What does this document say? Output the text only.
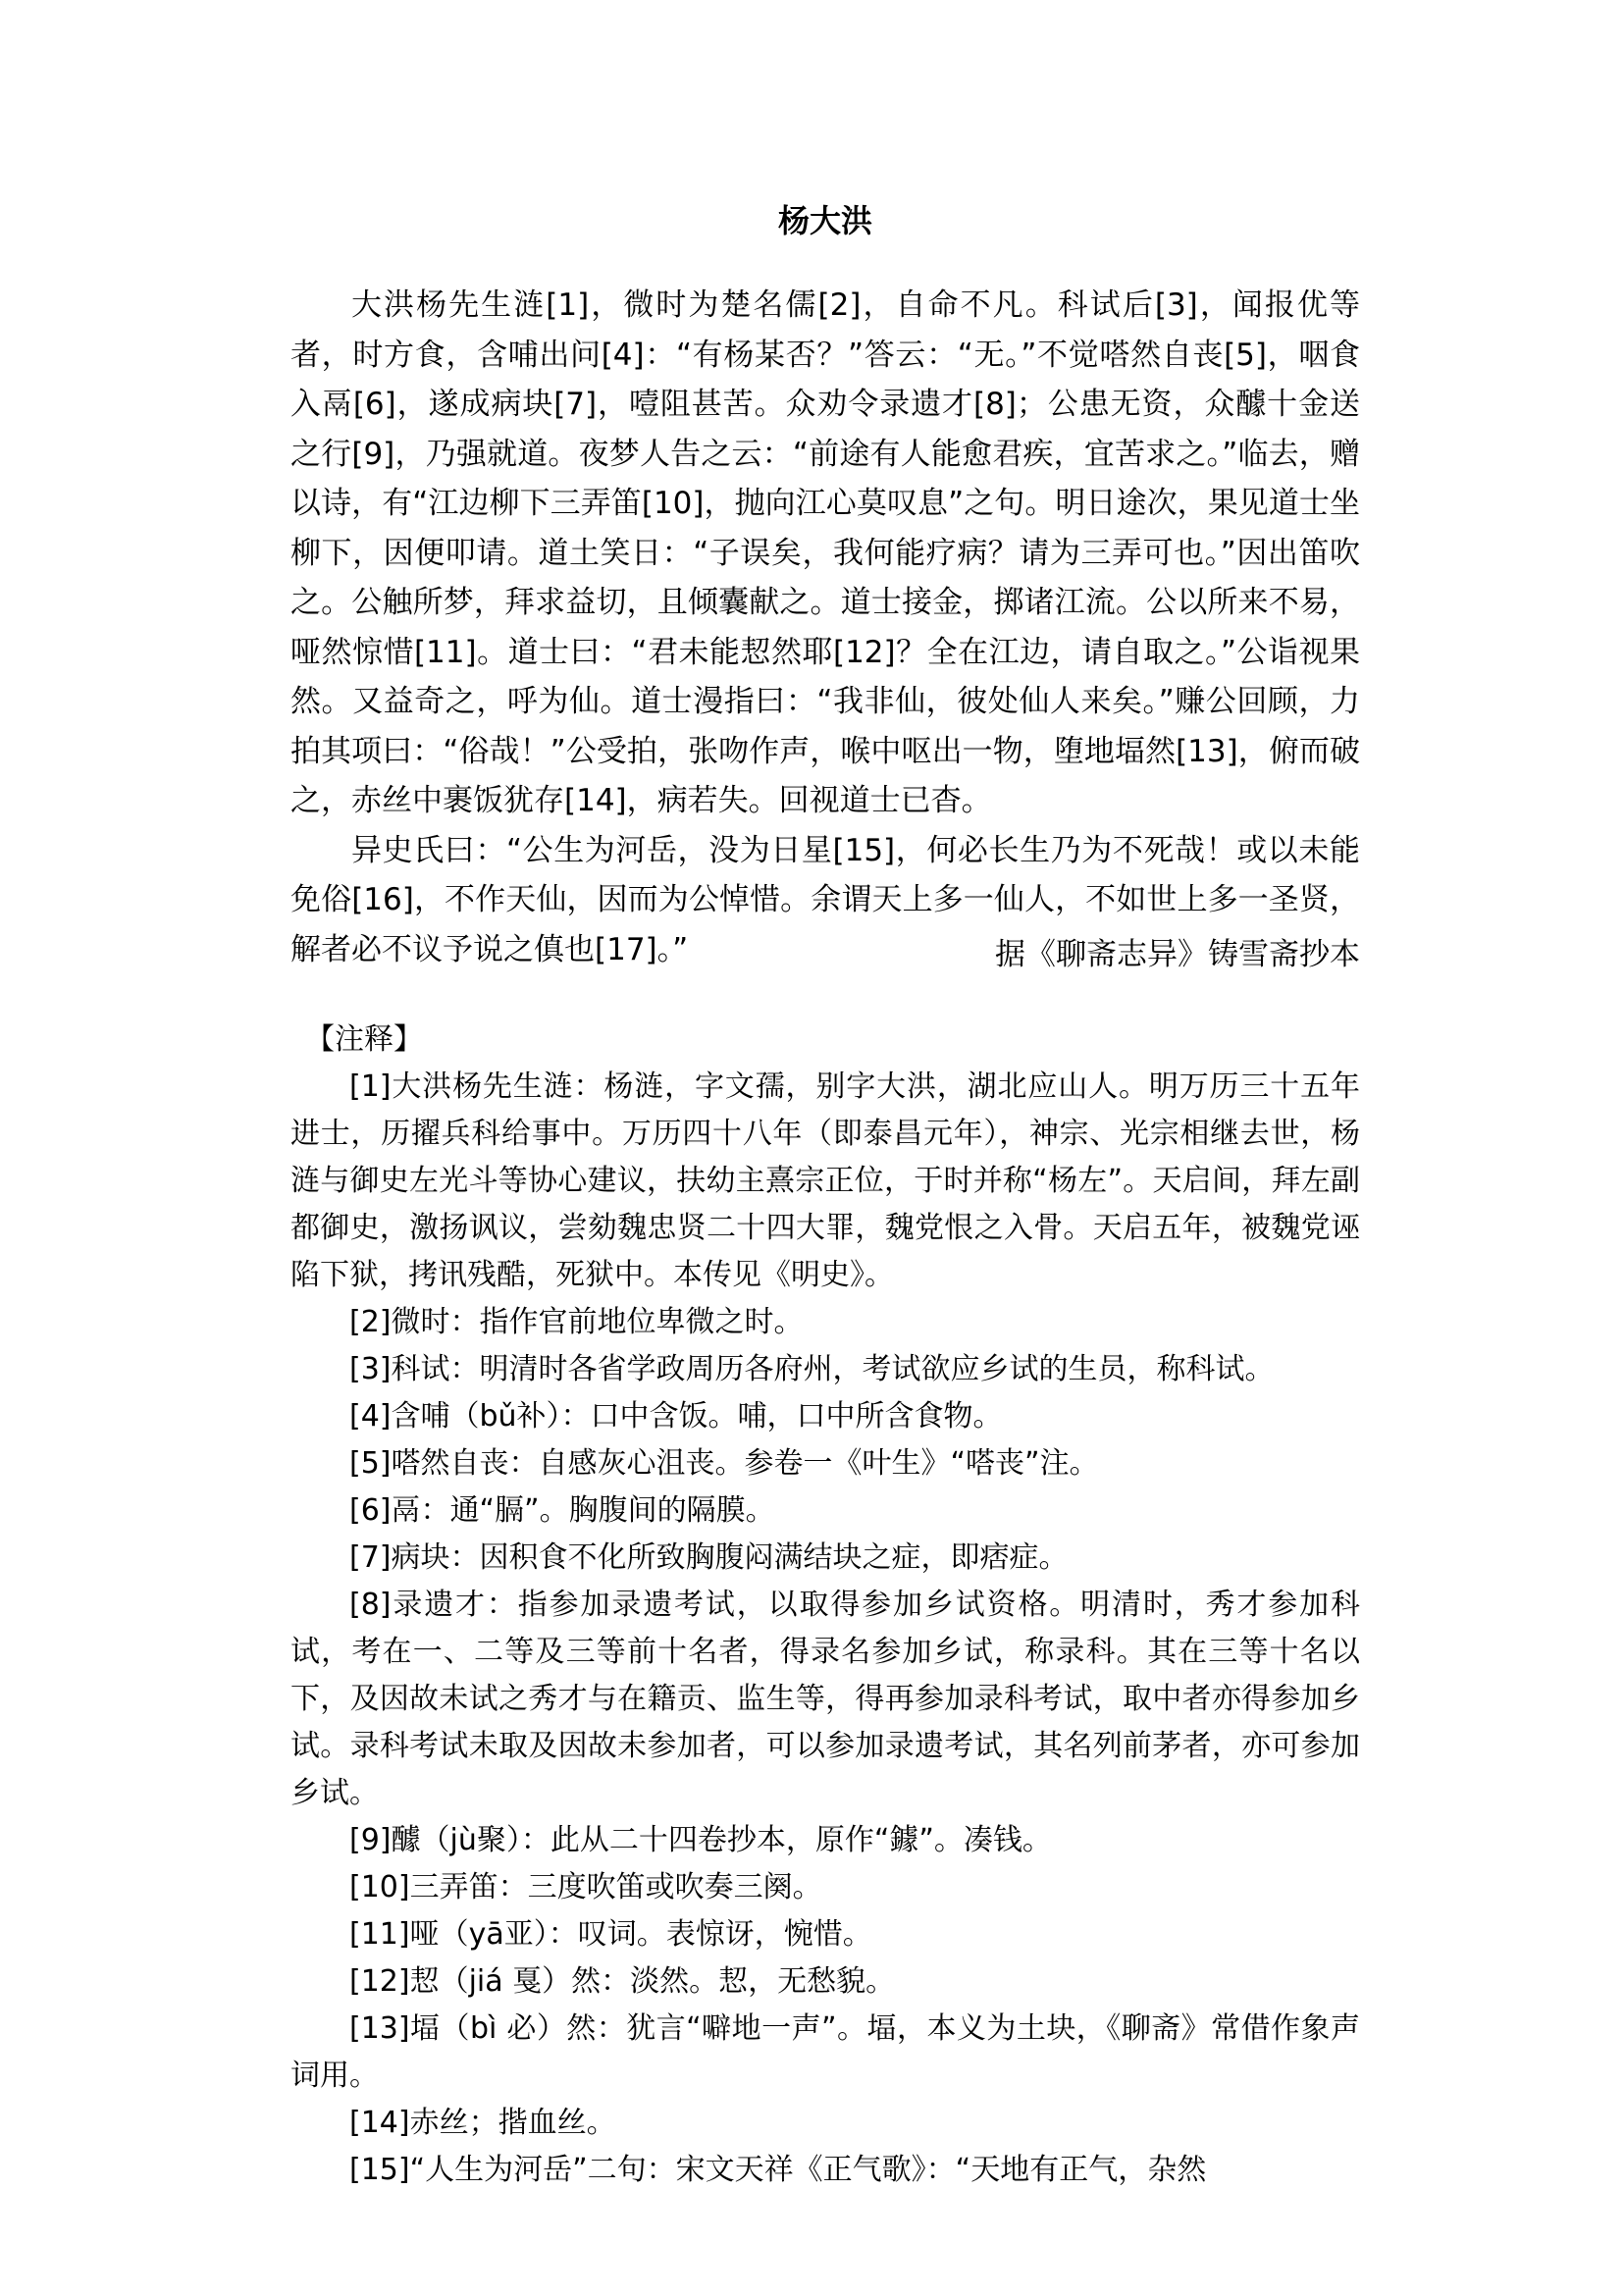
杨大洪

大洪杨先生涟[1]，微时为楚名儒[2]，自命不凡。科试后[3]，闻报优等者，时方食，含哺出问[4]：“有杨某否？”答云：“无。”不觉嗒然自丧[5]，咽食入鬲[6]，遂成病块[7]，噎阻甚苦。众劝令录遗才[8]；公患无资，众醵十金送之行[9]，乃强就道。夜梦人告之云：“前途有人能愈君疾，宜苦求之。”临去，赠以诗，有“江边柳下三弄笛[10]，抛向江心莫叹息”之句。明日途次，果见道士坐柳下，因便叩请。道土笑日：“子误矣，我何能疗病？请为三弄可也。”因出笛吹之。公触所梦，拜求益切，且倾囊献之。道士接金，掷诸江流。公以所来不易，哑然惊惜[11]。道士曰：“君未能恝然耶[12]？全在江边，请自取之。”公诣视果然。又益奇之，呼为仙。道士漫指曰：“我非仙，彼处仙人来矣。”赚公回顾，力拍其项曰：“俗哉！”公受拍，张吻作声，喉中呕出一物，堕地堛然[13]，俯而破之，赤丝中裹饭犹存[14]，病若失。回视道士已杳。

异史氏曰：“公生为河岳，没为日星[15]，何必长生乃为不死哉！或以未能免俗[16]，不作天仙，因而为公悼惜。余谓天上多一仙人，不如世上多一圣贤，解者必不议予说之傎也[17]。”	据《聊斋志异》铸雪斋抄本

【注释】

[1]大洪杨先生涟：杨涟，字文孺，别字大洪，湖北应山人。明万历三十五年进士，历擢兵科给事中。万历四十八年（即泰昌元年），神宗、光宗相继去世，杨涟与御史左光斗等协心建议，扶幼主熹宗正位，于时并称“杨左”。天启间，拜左副都御史，激扬讽议，尝劾魏忠贤二十四大罪，魏党恨之入骨。天启五年，被魏党诬陷下狱，拷讯残酷，死狱中。本传见《明史》。

[2]微时：指作官前地位卑微之时。

[3]科试：明清时各省学政周历各府州，考试欲应乡试的生员，称科试。

[4]含哺（bǔ补）：口中含饭。哺，口中所含食物。

[5]嗒然自丧：自感灰心沮丧。参卷一《叶生》“嗒丧”注。

[6]鬲：通“膈”。胸腹间的隔膜。

[7]病块：因积食不化所致胸腹闷满结块之症，即痞症。

[8]录遗才：指参加录遗考试，以取得参加乡试资格。明清时，秀才参加科试，考在一、二等及三等前十名者，得录名参加乡试，称录科。其在三等十名以下，及因故未试之秀才与在籍贡、监生等，得再参加录科考试，取中者亦得参加乡试。录科考试未取及因故未参加者，可以参加录遗考试，其名列前茅者，亦可参加乡试。

[9]醵（jù聚）：此从二十四卷抄本，原作“鐻”。凑钱。

[10]三弄笛：三度吹笛或吹奏三阕。

[11]哑（yā亚）：叹词。表惊讶，惋惜。

[12]恝（jiá 戛）然：淡然。恝，无愁貌。

[13]堛（bì 必）然：犹言“噼地一声”。堛，本义为土块，《聊斋》常借作象声词用。

[14]赤丝；揩血丝。

[15]“人生为河岳”二句：宋文天祥《正气歌》：“天地有正气，杂然
